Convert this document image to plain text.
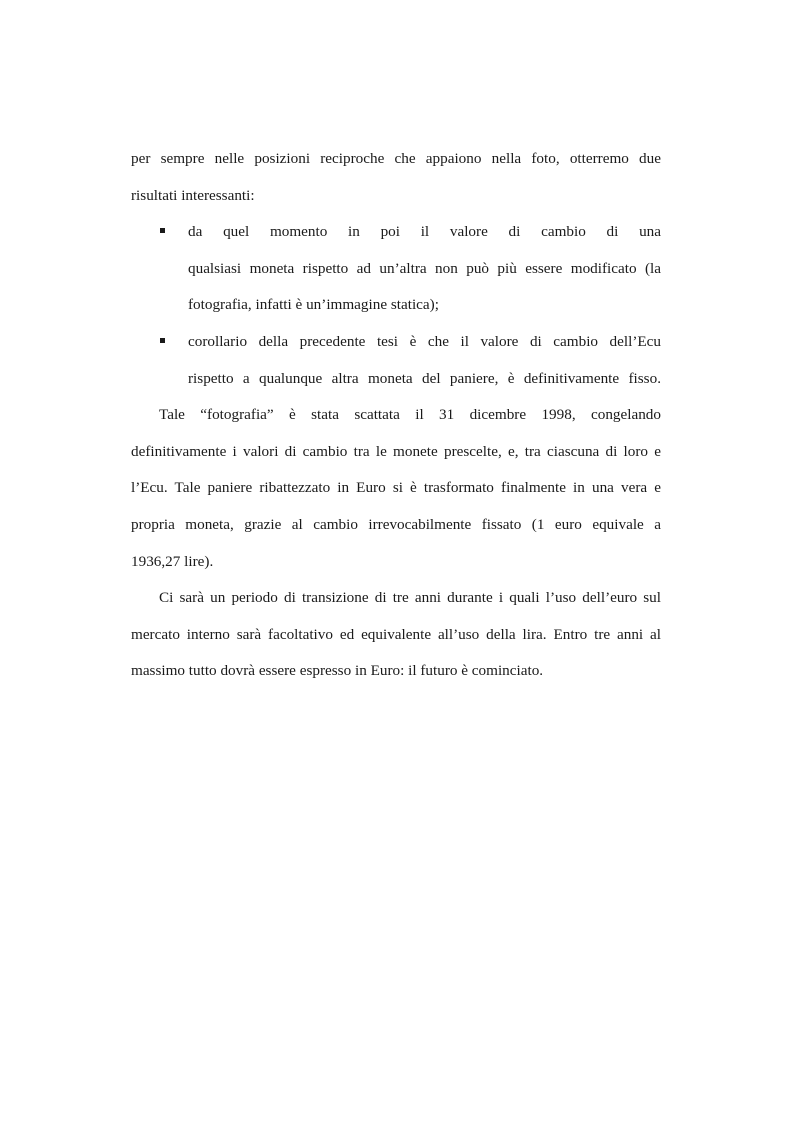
per sempre nelle posizioni reciproche che appaiono nella foto, otterremo due
risultati interessanti:
da quel momento in poi il valore di cambio di una
qualsiasi moneta rispetto ad un’altra non può più essere modificato (la
fotografia, infatti è un’immagine statica);
corollario della precedente tesi è che il valore di cambio dell’Ecu
rispetto a qualunque altra moneta del paniere, è definitivamente fisso.
Tale “fotografia” è stata scattata il 31 dicembre 1998, congelando
definitivamente i valori di cambio tra le monete prescelte, e, tra ciascuna di loro e
l’Ecu. Tale paniere ribattezzato in Euro si è trasformato finalmente in una vera e
propria moneta, grazie al cambio irrevocabilmente fissato (1 euro equivale a
1936,27 lire).
Ci sarà un periodo di transizione di tre anni durante i quali l’uso dell’euro sul
mercato interno sarà facoltativo ed equivalente all’uso della lira. Entro tre anni al
massimo tutto dovrà essere espresso in Euro: il futuro è cominciato.
